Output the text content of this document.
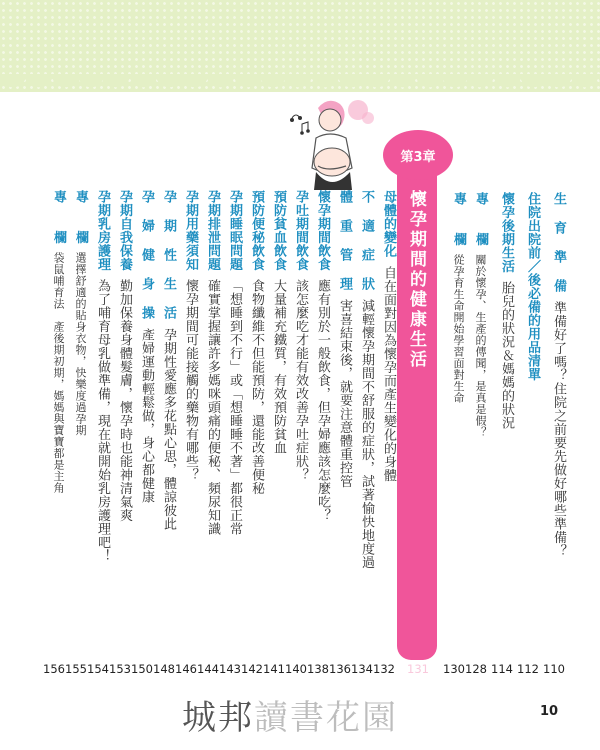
第3章
懷孕期間的健康生活
131
生 育 準 備
準備好了嗎？住院之前要先做好哪些準備？
110
住院出院前／後必備的用品清單
112
懷孕後期生活
胎兒的狀況＆媽媽的狀況
114
專　　欄
關於懷孕、生產的傳聞，是真是假？
128
專　　欄
從孕育生命開始學習面對生命
130
母體的變化
自在面對因為懷孕而產生變化的身體
132
不 適 症 狀
減輕懷孕期間不舒服的症狀，試著愉快地度過
134
體 重 管 理
害喜結束後，就要注意體重控管
136
懷孕期間飲食
應有別於一般飲食，但孕婦應該怎麼吃？
138
孕吐期間飲食
該怎麼吃才能有效改善孕吐症狀？
140
預防貧血飲食
大量補充鐵質，有效預防貧血
141
預防便秘飲食
食物纖維不但能預防，還能改善便秘
142
孕期睡眠問題
「想睡到不行」或「想睡睡不著」都很正常
143
孕期排泄問題
確實掌握讓許多媽咪頭痛的便秘、頻尿知識
144
孕期用藥須知
懷孕期間可能接觸的藥物有哪些？
146
孕 期 性 生 活
孕期性愛應多花點心思，體諒彼此
148
孕 婦 健 身 操
產婦運動輕鬆做，身心都健康
150
孕期自我保養
勤加保養身體髮膚，懷孕時也能神清氣爽
153
孕期乳房護理
為了哺育母乳做準備，現在就開始乳房護理吧！
154
專　　欄
選擇舒適的貼身衣物，快樂度過孕期
155
專　　欄
袋鼠哺育法　產後期初期，媽媽與寶寶都是主角
156
城邦讀書花園	10
